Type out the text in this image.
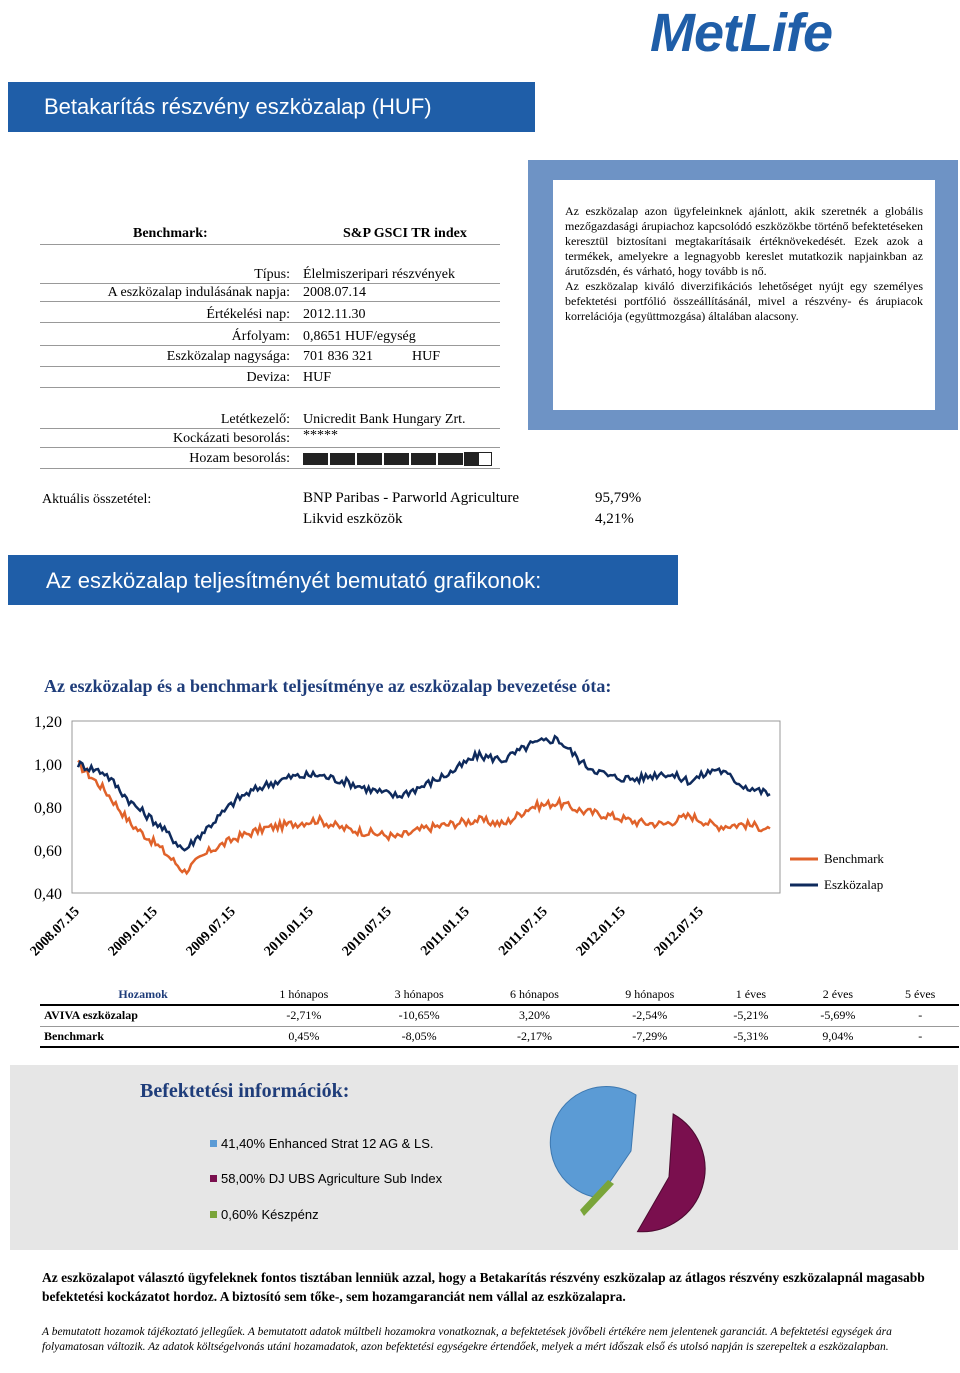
MetLife
Betakarítás részvény eszközalap (HUF)
Benchmark:	S&P GSCI TR index
Típus: Élelmiszeripari részvények
A eszközalap indulásának napja: 2008.07.14
Értékelési nap: 2012.11.30
Árfolyam: 0,8651 HUF/egység
Eszközalap nagysága: 701 836 321	HUF
Deviza: HUF
Letétkezelő: Unicredit Bank Hungary Zrt.
Kockázati besorolás: *****
Hozam besorolás:

Az eszközalap azon ügyfeleinknek ajánlott, akik szeretnék a globális mezőgazdasági árupiachoz kapcsolódó eszközökbe történő befektetéseken keresztül biztosítani megtakarításaik értéknövekedését. Ezek azok a termékek, amelyekre a legnagyobb kereslet mutatkozik napjainkban az árutőzsdén, és várható, hogy tovább is nő.

Az eszközalap kiváló diverzifikációs lehetőséget nyújt egy személyes befektetési portfólió összeállításánál, mivel a részvény- és árupiacok korrelációja (együttmozgása) általában alacsony.

Aktuális összetétel:	BNP Paribas - Parworld Agriculture	95,79%
Likvid eszközök	4,21%
Az eszközalap teljesítményét bemutató grafikonok:
Az eszközalap és a benchmark teljesítménye az eszközalap bevezetése óta:
1,20
1,00
0,80
0,60
0,40
2008.07.15 2009.01.15 2009.07.15 2010.01.15 2010.07.15 2011.01.15 2011.07.15 2012.01.15 2012.07.15
Benchmark
Eszközalap
Hozamok	1 hónapos	3 hónapos	6 hónapos	9 hónapos	1 éves	2 éves	5 éves
AVIVA eszközalap	-2,71%	-10,65%	3,20%	-2,54%	-5,21%	-5,69%	-
Benchmark	0,45%	-8,05%	-2,17%	-7,29%	-5,31%	9,04%	-
Befektetési információk:
41,40% Enhanced Strat 12 AG & LS.
58,00% DJ UBS Agriculture Sub Index
0,60% Készpénz
Az eszközalapot választó ügyfeleknek fontos tisztában lenniük azzal, hogy a Betakarítás részvény eszközalap az átlagos részvény eszközalapnál magasabb befektetési kockázatot hordoz. A biztosító sem tőke-, sem hozamgaranciát nem vállal az eszközalapra.
A bemutatott hozamok tájékoztató jellegűek. A bemutatott adatok múltbeli hozamokra vonatkoznak, a befektetések jövőbeli értékére nem jelentenek garanciát. A befektetési egységek ára folyamatosan változik. Az adatok költségelvonás utáni hozamadatok, azon befektetési egységekre értendőek, melyek a mért időszak első és utolsó napján is szerepeltek a eszközalapban.
